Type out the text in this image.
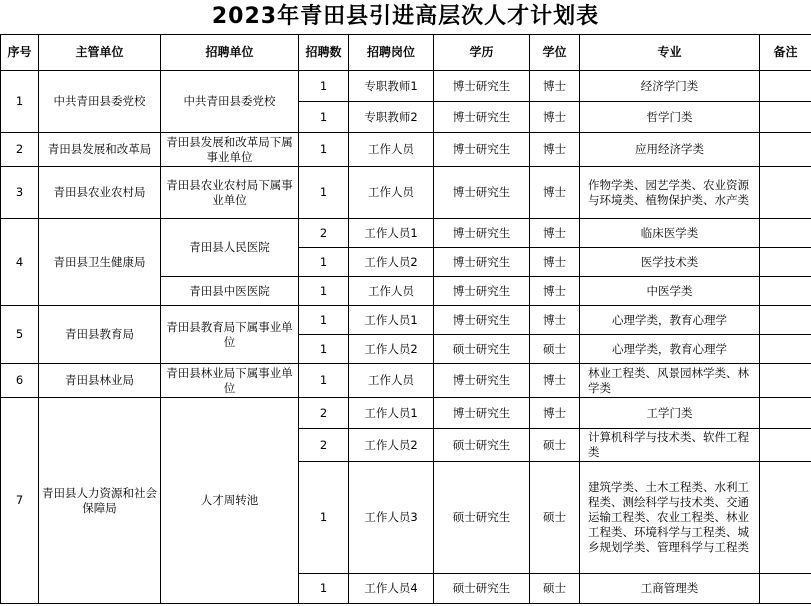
2023年青田县引进高层次人才计划表
序号	主管单位	招聘单位	招聘数	招聘岗位	学历	学位	专业	备注
1	中共青田县委党校	中共青田县委党校	1	专职教师1	博士研究生	博士	经济学门类	
			1	专职教师2	博士研究生	博士	哲学门类	
2	青田县发展和改革局	青田县发展和改革局下属事业单位	1	工作人员	博士研究生	博士	应用经济学类	
3	青田县农业农村局	青田县农业农村局下属事业单位	1	工作人员	博士研究生	博士	作物学类、园艺学类、农业资源与环境类、植物保护类、水产类	
4	青田县卫生健康局	青田县人民医院	2	工作人员1	博士研究生	博士	临床医学类	
			1	工作人员2	博士研究生	博士	医学技术类	
		青田县中医医院	1	工作人员	博士研究生	博士	中医学类	
5	青田县教育局	青田县教育局下属事业单位	1	工作人员1	博士研究生	博士	心理学类，教育心理学	
			1	工作人员2	硕士研究生	硕士	心理学类，教育心理学	
6	青田县林业局	青田县林业局下属事业单位	1	工作人员	博士研究生	博士	林业工程类、风景园林学类、林学类	
7	青田县人力资源和社会保障局	人才周转池	2	工作人员1	博士研究生	博士	工学门类	
			2	工作人员2	硕士研究生	硕士	计算机科学与技术类、软件工程类	
			1	工作人员3	硕士研究生	硕士	建筑学类、土木工程类、水利工程类、测绘科学与技术类、交通运输工程类、农业工程类、林业工程类、环境科学与工程类、城乡规划学类、管理科学与工程类	
			1	工作人员4	硕士研究生	硕士	工商管理类	
